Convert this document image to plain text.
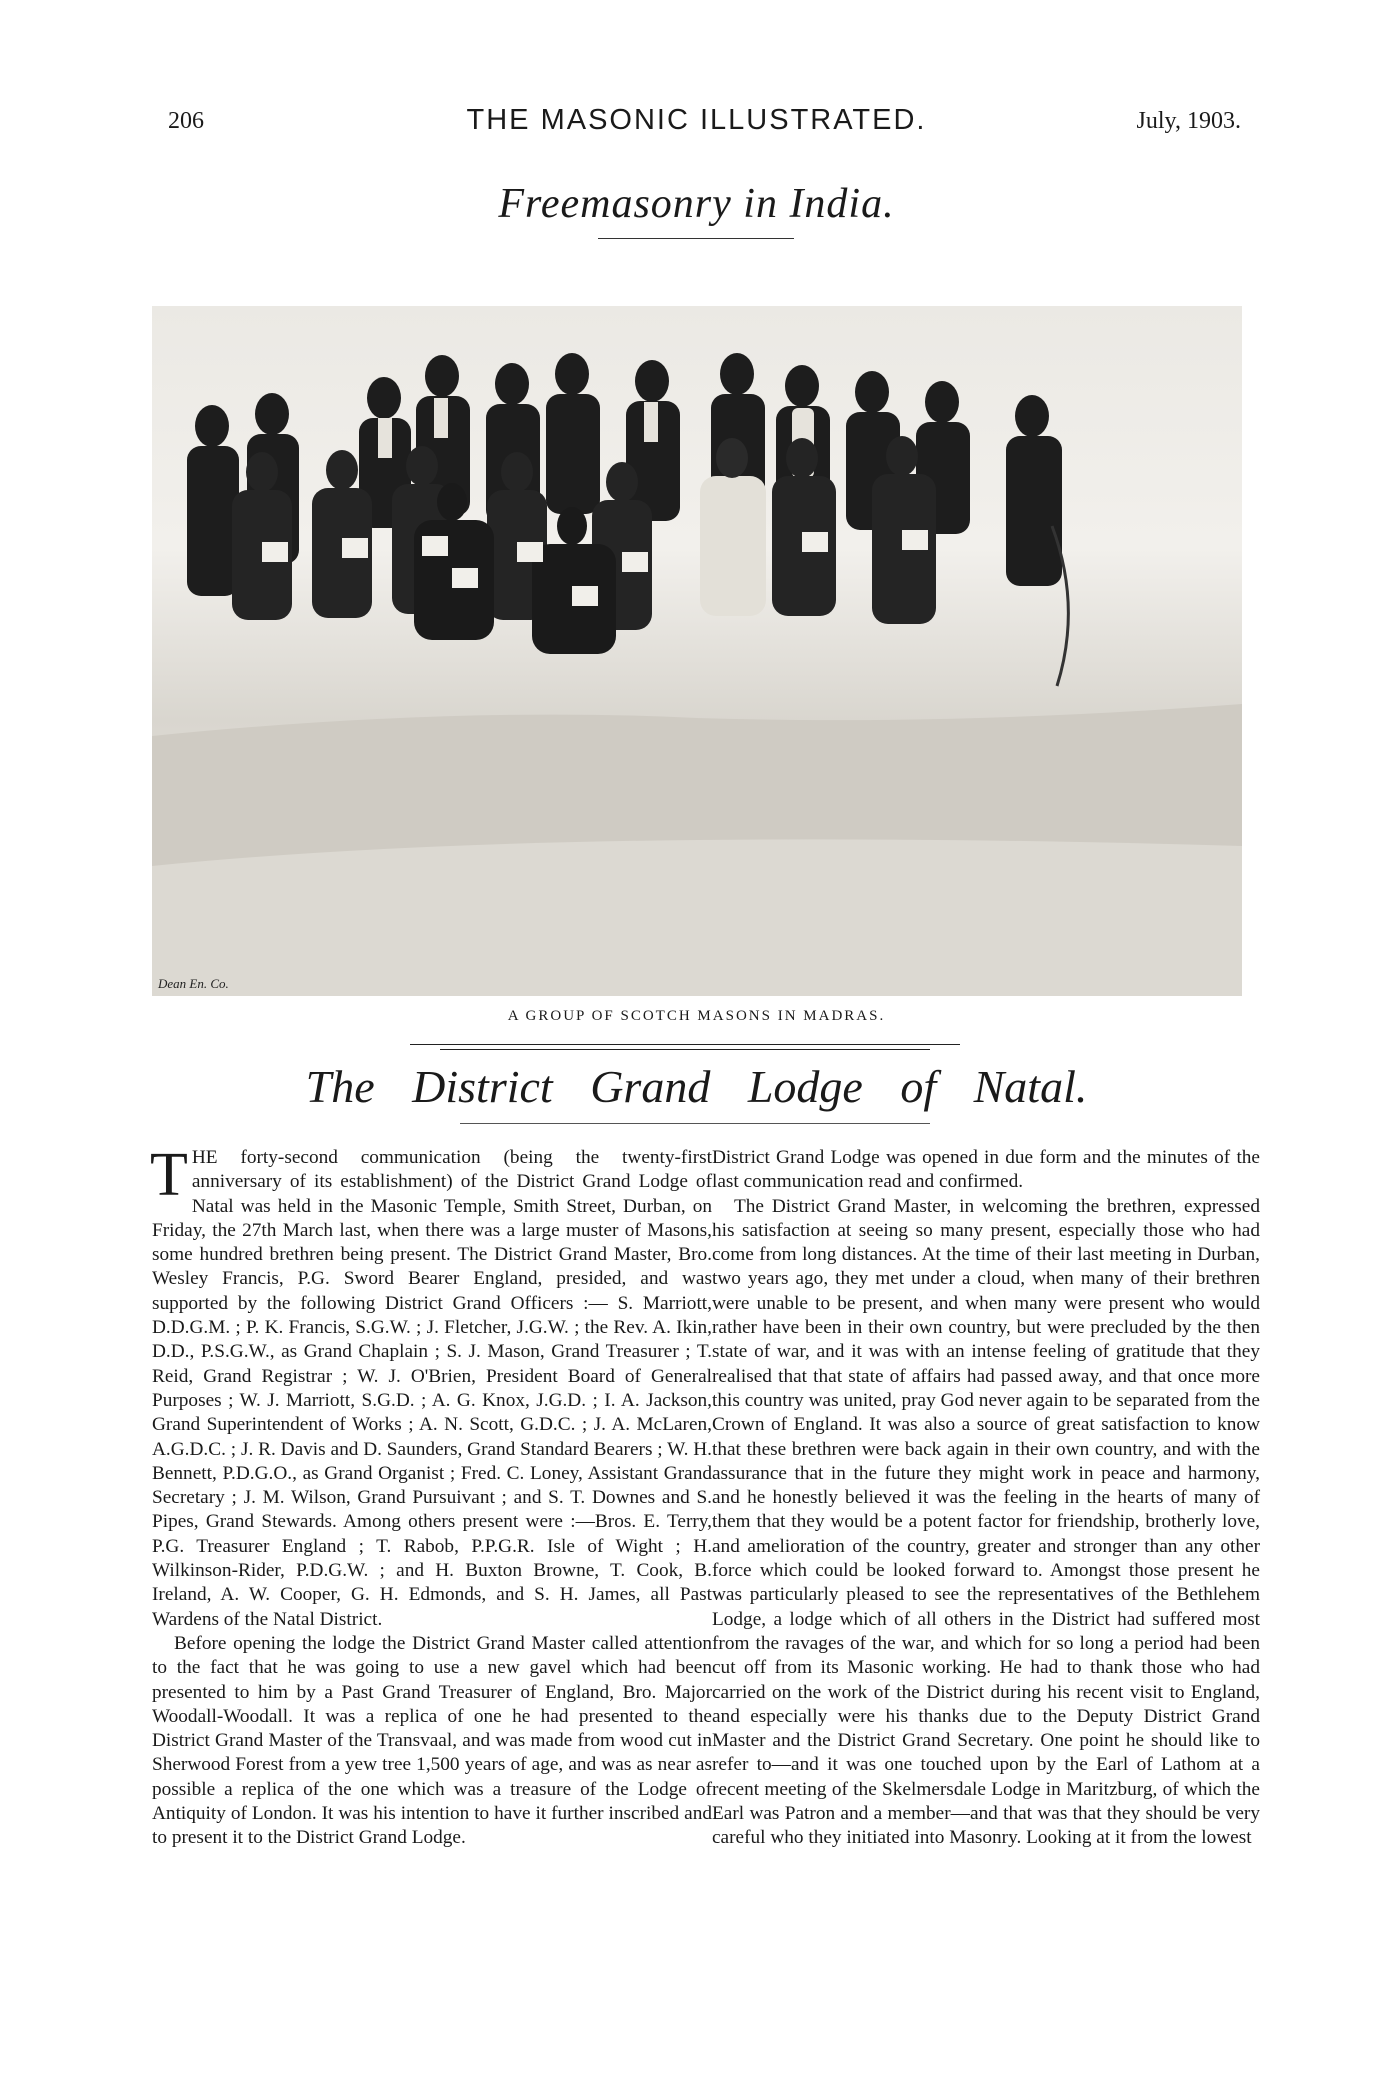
206	THE MASONIC ILLUSTRATED.	July, 1903.
Freemasonry in India.
Dean En. Co.
A GROUP OF SCOTCH MASONS IN MADRAS.
The District Grand Lodge of Natal.

THE forty-second communication (being the twenty-first anniversary of its establishment) of the District Grand Lodge of Natal was held in the Masonic Temple, Smith Street, Durban, on Friday, the 27th March last, when there was a large muster of Masons, some hundred brethren being present. The District Grand Master, Bro. Wesley Francis, P.G. Sword Bearer England, presided, and was supported by the following District Grand Officers :— S. Marriott, D.D.G.M. ; P. K. Francis, S.G.W. ; J. Fletcher, J.G.W. ; the Rev. A. Ikin, D.D., P.S.G.W., as Grand Chaplain ; S. J. Mason, Grand Treasurer ; T. Reid, Grand Registrar ; W. J. O'Brien, President Board of General Purposes ; W. J. Marriott, S.G.D. ; A. G. Knox, J.G.D. ; I. A. Jackson, Grand Superintendent of Works ; A. N. Scott, G.D.C. ; J. A. McLaren, A.G.D.C. ; J. R. Davis and D. Saunders, Grand Standard Bearers ; W. H. Bennett, P.D.G.O., as Grand Organist ; Fred. C. Loney, Assistant Grand Secretary ; J. M. Wilson, Grand Pursuivant ; and S. T. Downes and S. Pipes, Grand Stewards. Among others present were :—Bros. E. Terry, P.G. Treasurer England ; T. Rabob, P.P.G.R. Isle of Wight ; H. Wilkinson-Rider, P.D.G.W. ; and H. Buxton Browne, T. Cook, B. Ireland, A. W. Cooper, G. H. Edmonds, and S. H. James, all Past Wardens of the Natal District.

Before opening the lodge the District Grand Master called attention to the fact that he was going to use a new gavel which had been presented to him by a Past Grand Treasurer of England, Bro. Major Woodall-Woodall. It was a replica of one he had presented to the District Grand Master of the Transvaal, and was made from wood cut in Sherwood Forest from a yew tree 1,500 years of age, and was as near as possible a replica of the one which was a treasure of the Lodge of Antiquity of London. It was his intention to have it further inscribed and to present it to the District Grand Lodge.

District Grand Lodge was opened in due form and the minutes of the last communication read and confirmed.

The District Grand Master, in welcoming the brethren, expressed his satisfaction at seeing so many present, especially those who had come from long distances. At the time of their last meeting in Durban, two years ago, they met under a cloud, when many of their brethren were unable to be present, and when many were present who would rather have been in their own country, but were precluded by the then state of war, and it was with an intense feeling of gratitude that they realised that that state of affairs had passed away, and that once more this country was united, pray God never again to be separated from the Crown of England. It was also a source of great satisfaction to know that these brethren were back again in their own country, and with the assurance that in the future they might work in peace and harmony, and he honestly believed it was the feeling in the hearts of many of them that they would be a potent factor for friendship, brotherly love, and amelioration of the country, greater and stronger than any other force which could be looked forward to. Amongst those present he was particularly pleased to see the representatives of the Bethlehem Lodge, a lodge which of all others in the District had suffered most from the ravages of the war, and which for so long a period had been cut off from its Masonic working. He had to thank those who had carried on the work of the District during his recent visit to England, and especially were his thanks due to the Deputy District Grand Master and the District Grand Secretary. One point he should like to refer to—and it was one touched upon by the Earl of Lathom at a recent meeting of the Skelmersdale Lodge in Maritzburg, of which the Earl was Patron and a member—and that was that they should be very careful who they initiated into Masonry. Looking at it from the lowest
